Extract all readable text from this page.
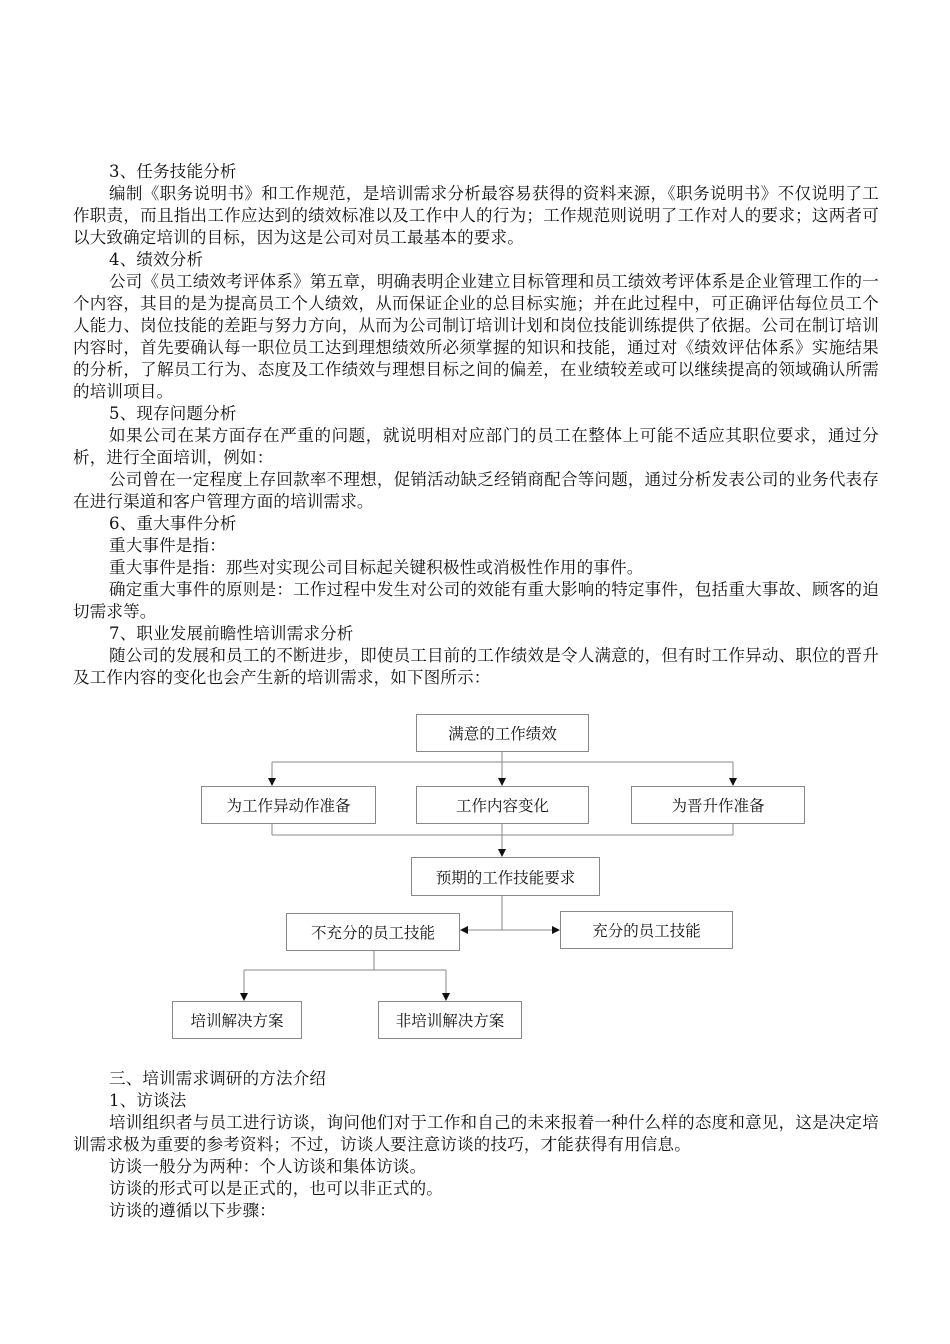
3、任务技能分析

编制《职务说明书》和工作规范，是培训需求分析最容易获得的资料来源，《职务说明书》不仅说明了工作职责，而且指出工作应达到的绩效标准以及工作中人的行为；工作规范则说明了工作对人的要求；这两者可以大致确定培训的目标，因为这是公司对员工最基本的要求。

4、绩效分析

公司《员工绩效考评体系》第五章，明确表明企业建立目标管理和员工绩效考评体系是企业管理工作的一个内容，其目的是为提高员工个人绩效，从而保证企业的总目标实施；并在此过程中，可正确评估每位员工个人能力、岗位技能的差距与努力方向，从而为公司制订培训计划和岗位技能训练提供了依据。公司在制订培训内容时，首先要确认每一职位员工达到理想绩效所必须掌握的知识和技能，通过对《绩效评估体系》实施结果的分析，了解员工行为、态度及工作绩效与理想目标之间的偏差，在业绩较差或可以继续提高的领域确认所需的培训项目。

5、现存问题分析

如果公司在某方面存在严重的问题，就说明相对应部门的员工在整体上可能不适应其职位要求，通过分析，进行全面培训，例如：

公司曾在一定程度上存回款率不理想，促销活动缺乏经销商配合等问题，通过分析发表公司的业务代表存在进行渠道和客户管理方面的培训需求。

6、重大事件分析

重大事件是指：

重大事件是指：那些对实现公司目标起关键积极性或消极性作用的事件。

确定重大事件的原则是：工作过程中发生对公司的效能有重大影响的特定事件，包括重大事故、顾客的迫切需求等。

7、职业发展前瞻性培训需求分析

随公司的发展和员工的不断进步，即使员工目前的工作绩效是令人满意的，但有时工作异动、职位的晋升及工作内容的变化也会产生新的培训需求，如下图所示：

满意的工作绩效
为工作异动作准备	工作内容变化	为晋升作准备
预期的工作技能要求
不充分的员工技能	充分的员工技能
培训解决方案	非培训解决方案

三、培训需求调研的方法介绍

1、访谈法

培训组织者与员工进行访谈，询问他们对于工作和自己的未来报着一种什么样的态度和意见，这是决定培训需求极为重要的参考资料；不过，访谈人要注意访谈的技巧，才能获得有用信息。

访谈一般分为两种：个人访谈和集体访谈。

访谈的形式可以是正式的，也可以非正式的。

访谈的遵循以下步骤：
